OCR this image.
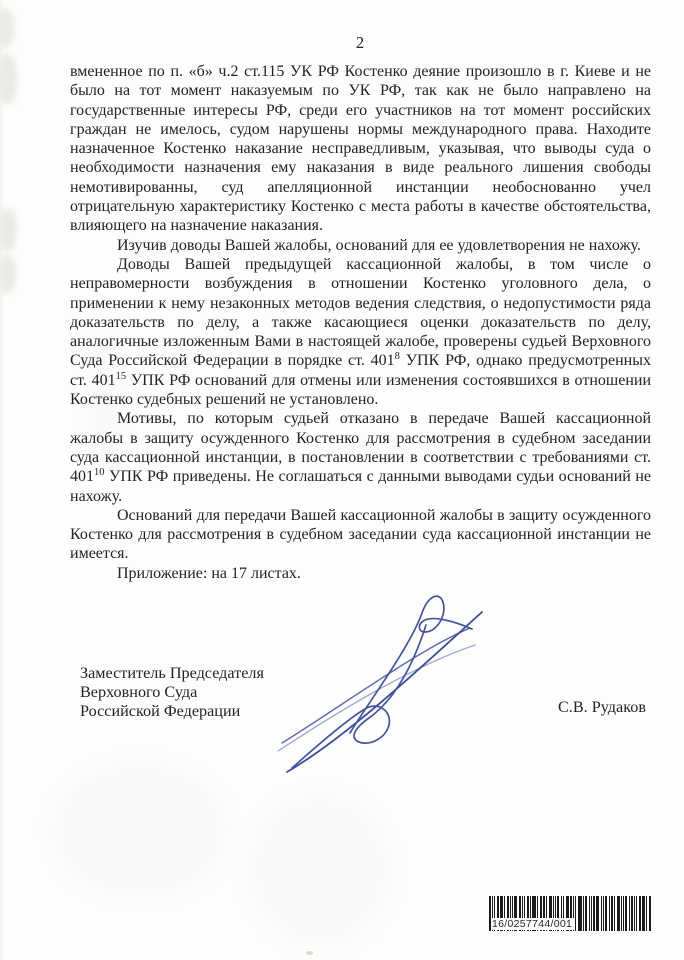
2

вмененное по п. «б» ч.2 ст.115 УК РФ Костенко деяние произошло в г. Киеве и не было на тот момент наказуемым по УК РФ, так как не было направлено на государственные интересы РФ, среди его участников на тот момент российских граждан не имелось, судом нарушены нормы международного права. Находите назначенное Костенко наказание несправедливым, указывая, что выводы суда о необходимости назначения ему наказания в виде реального лишения свободы немотивированны, суд апелляционной инстанции необоснованно учел отрицательную характеристику Костенко с места работы в качестве обстоятельства, влияющего на назначение наказания.

Изучив доводы Вашей жалобы, оснований для ее удовлетворения не нахожу.

Доводы Вашей предыдущей кассационной жалобы, в том числе о неправомерности возбуждения в отношении Костенко уголовного дела, о применении к нему незаконных методов ведения следствия, о недопустимости ряда доказательств по делу, а также касающиеся оценки доказательств по делу, аналогичные изложенным Вами в настоящей жалобе, проверены судьей Верховного Суда Российской Федерации в порядке ст. $401^8$ УПК РФ, однако предусмотренных ст. $401^{15}$ УПК РФ оснований для отмены или изменения состоявшихся в отношении Костенко судебных решений не установлено.

Мотивы, по которым судьей отказано в передаче Вашей кассационной жалобы в защиту осужденного Костенко для рассмотрения в судебном заседании суда кассационной инстанции, в постановлении в соответствии с требованиями ст. $401^{10}$ УПК РФ приведены. Не соглашаться с данными выводами судьи оснований не нахожу.

Оснований для передачи Вашей кассационной жалобы в защиту осужденного Костенко для рассмотрения в судебном заседании суда кассационной инстанции не имеется.

Приложение: на 17 листах.

Заместитель Председателя
Верховного Суда
Российской Федерации	С.В. Рудаков
16/0257744/001
